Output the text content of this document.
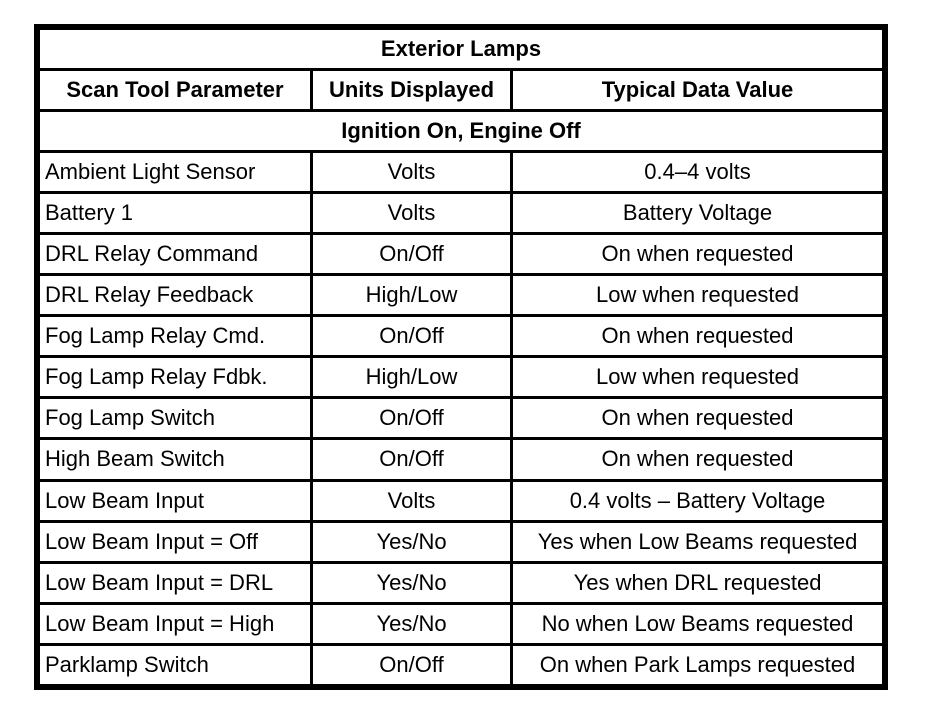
Exterior Lamps		
Scan Tool Parameter	Units Displayed	Typical Data Value
Ignition On, Engine Off		
Ambient Light Sensor	Volts	0.4–4 volts
Battery 1	Volts	Battery Voltage
DRL Relay Command	On/Off	On when requested
DRL Relay Feedback	High/Low	Low when requested
Fog Lamp Relay Cmd.	On/Off	On when requested
Fog Lamp Relay Fdbk.	High/Low	Low when requested
Fog Lamp Switch	On/Off	On when requested
High Beam Switch	On/Off	On when requested
Low Beam Input	Volts	0.4 volts – Battery Voltage
Low Beam Input = Off	Yes/No	Yes when Low Beams requested
Low Beam Input = DRL	Yes/No	Yes when DRL requested
Low Beam Input = High	Yes/No	No when Low Beams requested
Parklamp Switch	On/Off	On when Park Lamps requested
